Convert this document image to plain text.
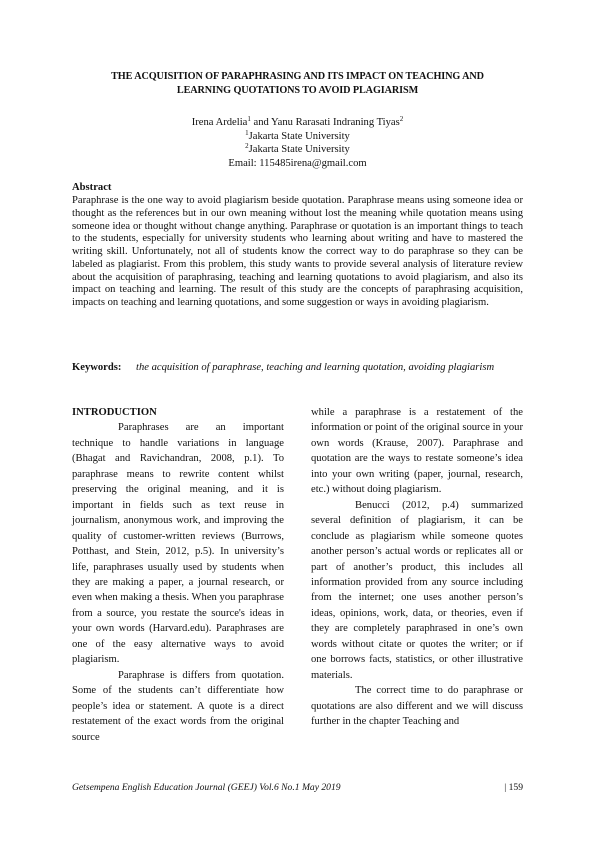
THE ACQUISITION OF PARAPHRASING AND ITS IMPACT ON TEACHING AND
LEARNING QUOTATIONS TO AVOID PLAGIARISM
Irena Ardelia$^1$ and Yanu Rarasati Indraning Tiyas$^2$
$^1$Jakarta State University
$^2$Jakarta State University
Email: 115485irena@gmail.com
Abstract
Paraphrase is the one way to avoid plagiarism beside quotation. Paraphrase means using someone idea or thought as the references but in our own meaning without lost the meaning while quotation means using someone idea or thought without change anything. Paraphrase or quotation is an important things to teach to the students, especially for university students who learning about writing and have to mastered the writing skill. Unfortunately, not all of students know the correct way to do paraphrase so they can be labeled as plagiarist. From this problem, this study wants to provide several analysis of literature review about the acquisition of paraphrasing, teaching and learning quotations to avoid plagiarism, and also its impact on teaching and learning. The result of this study are the concepts of paraphrasing acquisition, impacts on teaching and learning quotations, and some suggestion or ways in avoiding plagiarism.
Keywords:	the acquisition of paraphrase, teaching and learning quotation, avoiding plagiarism

INTRODUCTION

Paraphrases are an important technique to handle variations in language (Bhagat and Ravichandran, 2008, p.1). To paraphrase means to rewrite content whilst preserving the original meaning, and it is important in fields such as text reuse in journalism, anonymous work, and improving the quality of customer-written reviews (Burrows, Potthast, and Stein, 2012, p.5). In university’s life, paraphrases usually used by students when they are making a paper, a journal research, or even when making a thesis. When you paraphrase from a source, you restate the source's ideas in your own words (Harvard.edu). Paraphrases are one of the easy alternative ways to avoid plagiarism.

Paraphrase is differs from quotation. Some of the students can’t differentiate how people’s idea or statement. A quote is a direct restatement of the exact words from the original source

while a paraphrase is a restatement of the information or point of the original source in your own words (Krause, 2007). Paraphrase and quotation are the ways to restate someone’s idea into your own writing (paper, journal, research, etc.) without doing plagiarism.

Benucci (2012, p.4) summarized several definition of plagiarism, it can be conclude as plagiarism while someone quotes another person’s actual words or replicates all or part of another’s product, this includes all information provided from any source including from the internet; one uses another person’s ideas, opinions, work, data, or theories, even if they are completely paraphrased in one’s own words without citate or quotes the writer; or if one borrows facts, statistics, or other illustrative materials.

The correct time to do paraphrase or quotations are also different and we will discuss further in the chapter Teaching and

Getsempena English Education Journal (GEEJ) Vol.6 No.1 May 2019	| 159
